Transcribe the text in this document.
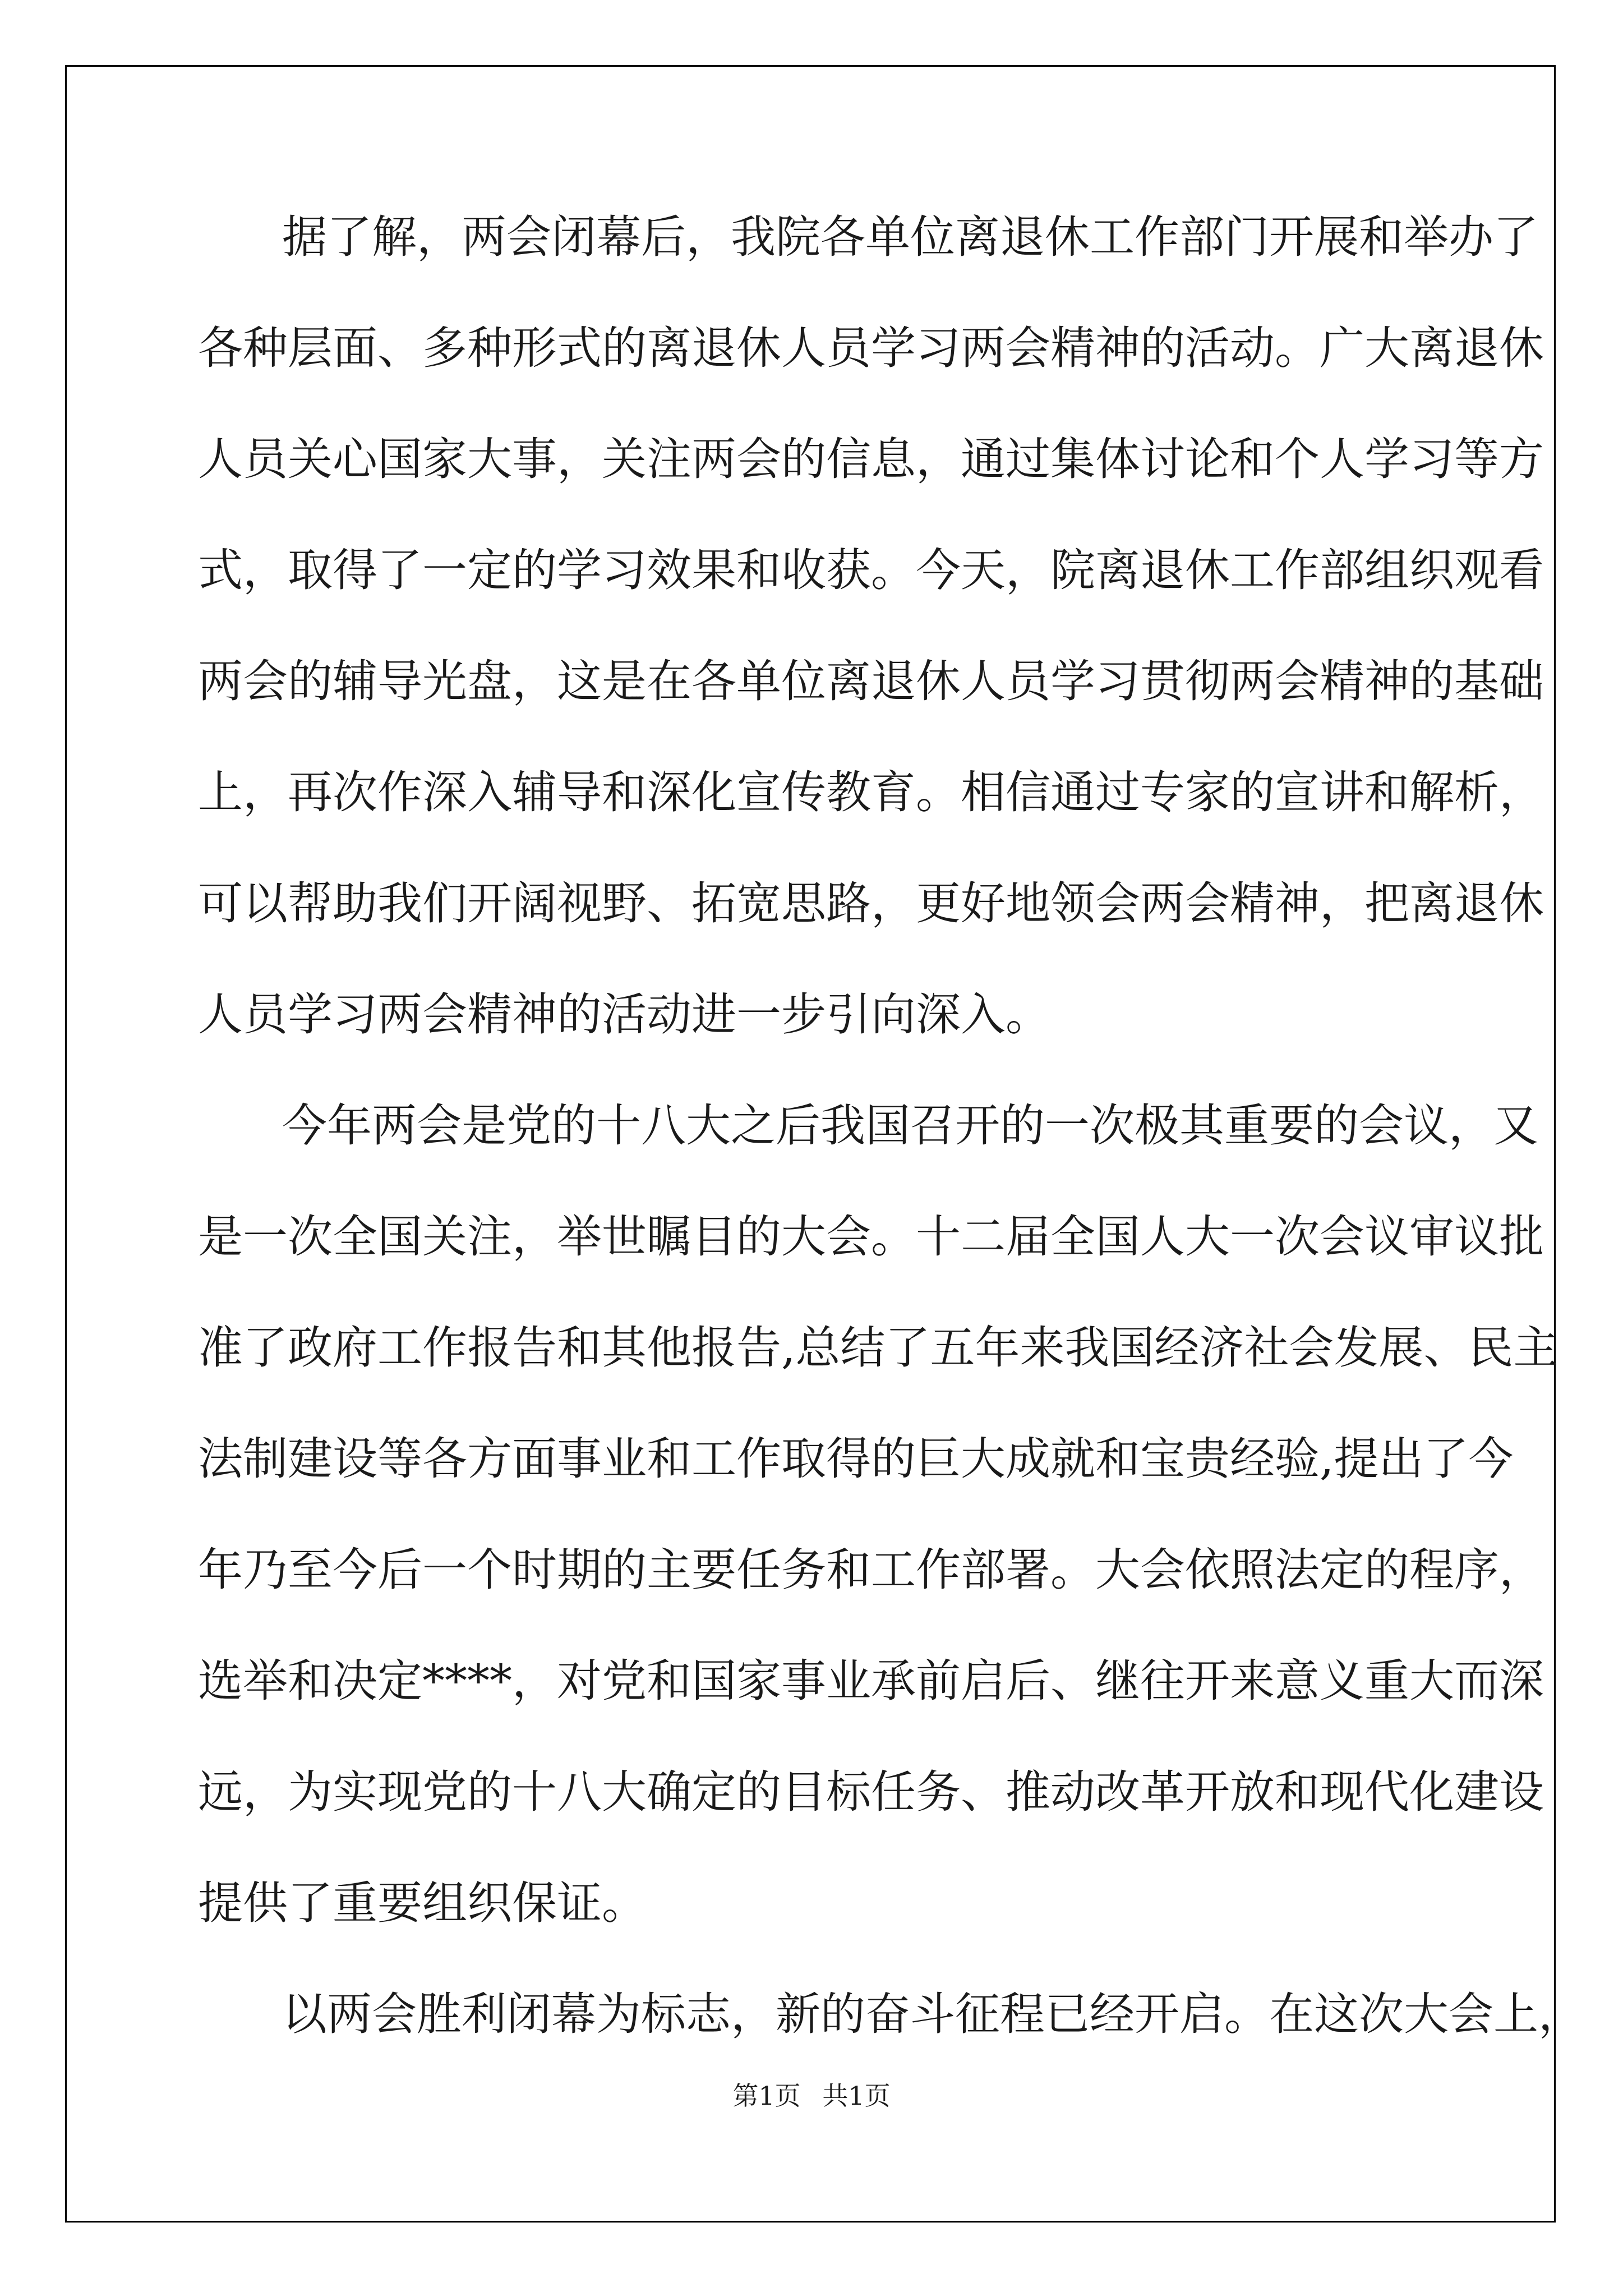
据了解，两会闭幕后，我院各单位离退休工作部门开展和举办了
各种层面、多种形式的离退休人员学习两会精神的活动。广大离退休
人员关心国家大事，关注两会的信息，通过集体讨论和个人学习等方
式，取得了一定的学习效果和收获。今天，院离退休工作部组织观看
两会的辅导光盘，这是在各单位离退休人员学习贯彻两会精神的基础
上，再次作深入辅导和深化宣传教育。相信通过专家的宣讲和解析，
可以帮助我们开阔视野、拓宽思路，更好地领会两会精神，把离退休
人员学习两会精神的活动进一步引向深入。
今年两会是党的十八大之后我国召开的一次极其重要的会议，又
是一次全国关注，举世瞩目的大会。十二届全国人大一次会议审议批
准了政府工作报告和其他报告,总结了五年来我国经济社会发展、民主
法制建设等各方面事业和工作取得的巨大成就和宝贵经验,提出了今
年乃至今后一个时期的主要任务和工作部署。大会依照法定的程序，
选举和决定****，对党和国家事业承前启后、继往开来意义重大而深
远，为实现党的十八大确定的目标任务、推动改革开放和现代化建设
提供了重要组织保证。
以两会胜利闭幕为标志，新的奋斗征程已经开启。在这次大会上，
第1页 共1页
